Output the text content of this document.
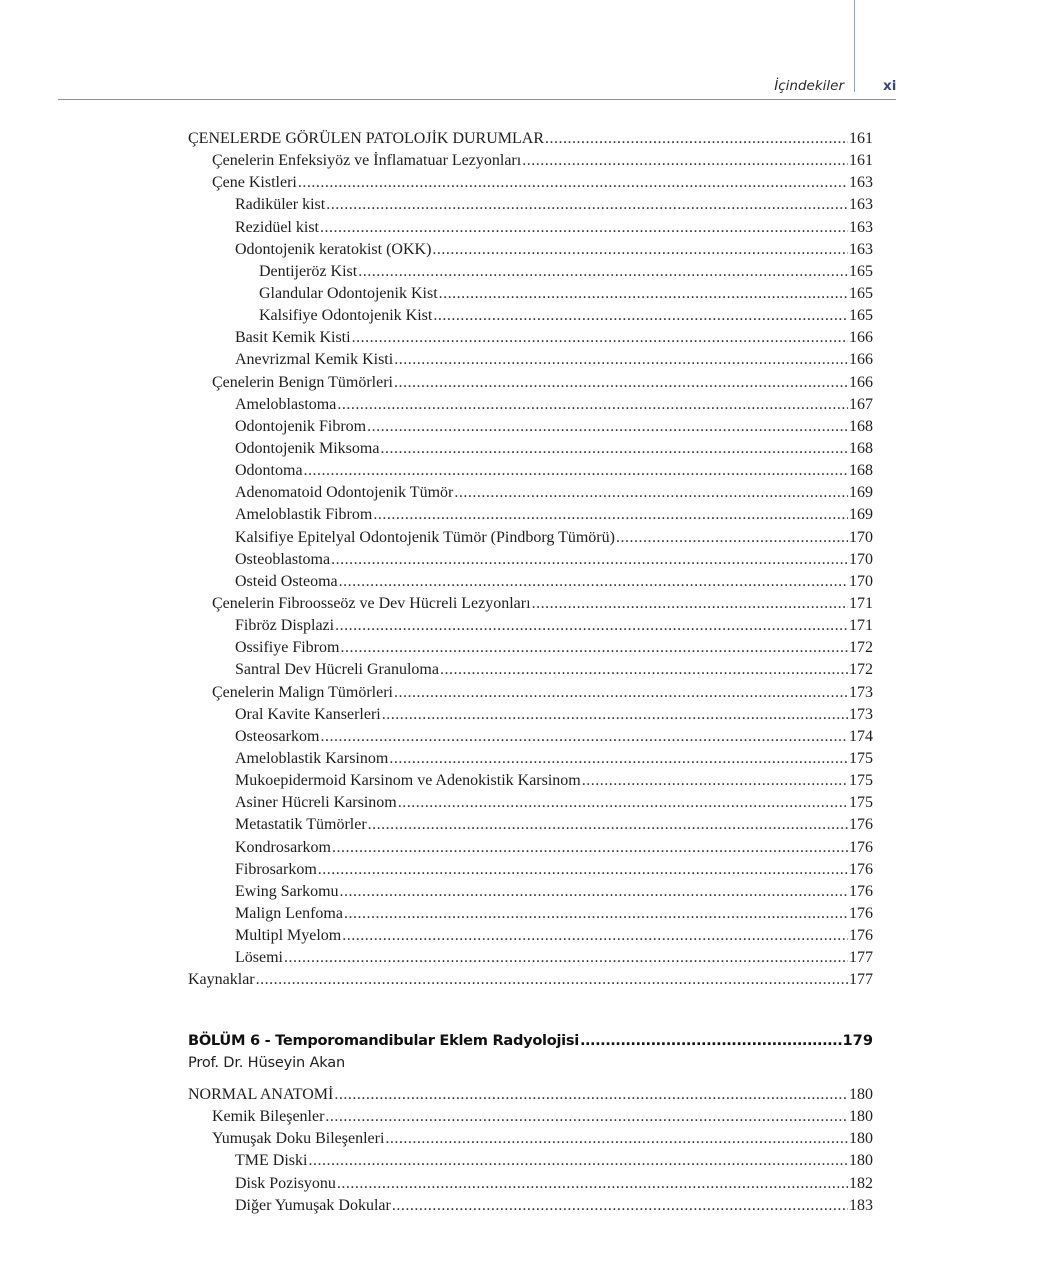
İçindekiler	xi
ÇENELERDE GÖRÜLEN PATOLOJİK DURUMLAR .....	161
Çenelerin Enfeksiyöz ve İnflamatuar Lezyonları .....	161
Çene Kistleri .....	163
Radiküler kist .....	163
Rezidüel kist .....	163
Odontojenik keratokist (OKK) .....	163
Dentijeröz Kist .....	165
Glandular Odontojenik Kist .....	165
Kalsifiye Odontojenik Kist .....	165
Basit Kemik Kisti .....	166
Anevrizmal Kemik Kisti .....	166
Çenelerin Benign Tümörleri .....	166
Ameloblastoma .....	167
Odontojenik Fibrom .....	168
Odontojenik Miksoma .....	168
Odontoma .....	168
Adenomatoid Odontojenik Tümör .....	169
Ameloblastik Fibrom .....	169
Kalsifiye Epitelyal Odontojenik Tümör (Pindborg Tümörü) .....	170
Osteoblastoma .....	170
Osteid Osteoma .....	170
Çenelerin Fibroosseöz ve Dev Hücreli Lezyonları .....	171
Fibröz Displazi .....	171
Ossifiye Fibrom .....	172
Santral Dev Hücreli Granuloma .....	172
Çenelerin Malign Tümörleri .....	173
Oral Kavite Kanserleri .....	173
Osteosarkom .....	174
Ameloblastik Karsinom .....	175
Mukoepidermoid Karsinom ve Adenokistik Karsinom .....	175
Asiner Hücreli Karsinom .....	175
Metastatik Tümörler .....	176
Kondrosarkom .....	176
Fibrosarkom .....	176
Ewing Sarkomu .....	176
Malign Lenfoma .....	176
Multipl Myelom .....	176
Lösemi .....	177
Kaynaklar .....	177
BÖLÜM 6 - Temporomandibular Eklem Radyolojisi .....	179
Prof. Dr. Hüseyin Akan
NORMAL ANATOMİ .....	180
Kemik Bileşenler .....	180
Yumuşak Doku Bileşenleri .....	180
TME Diski .....	180
Disk Pozisyonu .....	182
Diğer Yumuşak Dokular .....	183
